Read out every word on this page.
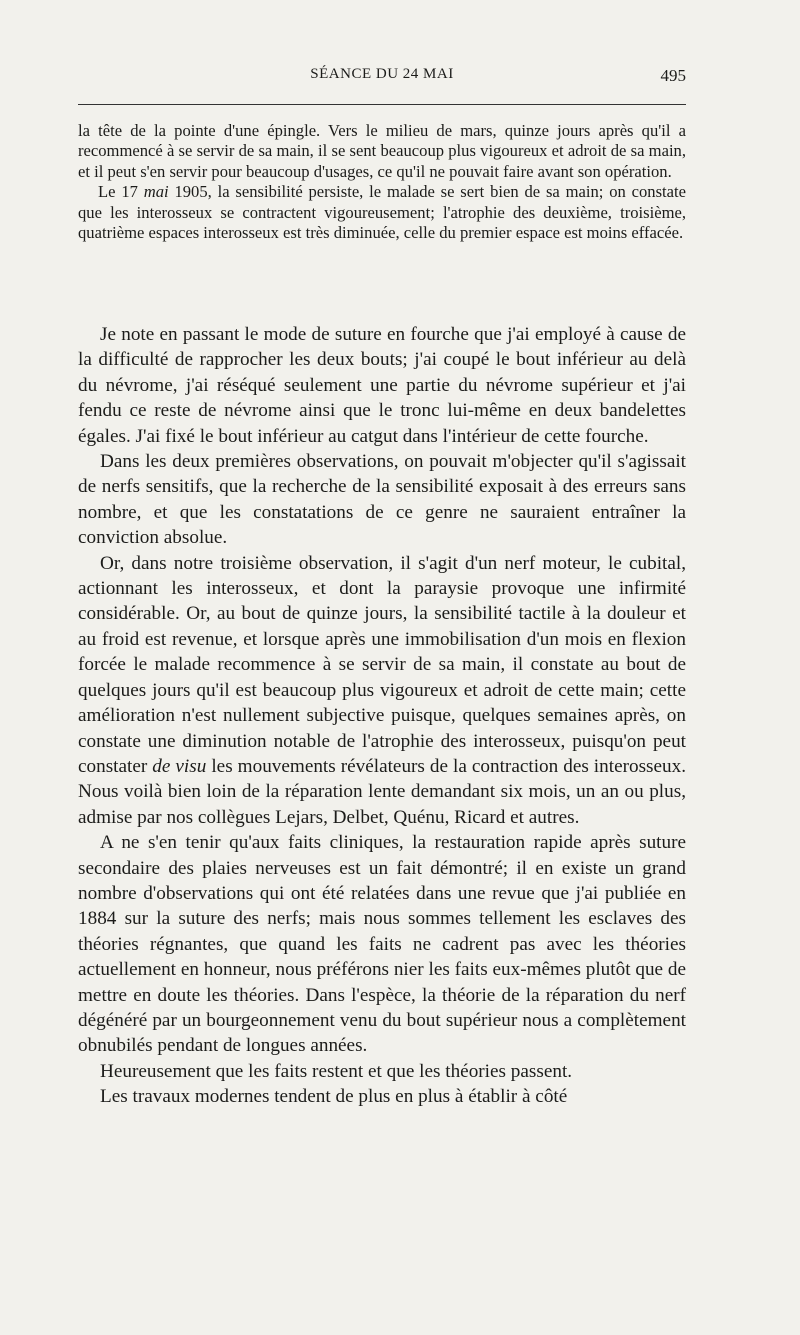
SÉANCE DU 24 MAI	495

la tête de la pointe d'une épingle. Vers le milieu de mars, quinze jours après qu'il a recommencé à se servir de sa main, il se sent beaucoup plus vigoureux et adroit de sa main, et il peut s'en servir pour beaucoup d'usages, ce qu'il ne pouvait faire avant son opération.

Le 17 mai 1905, la sensibilité persiste, le malade se sert bien de sa main; on constate que les interosseux se contractent vigoureusement; l'atrophie des deuxième, troisième, quatrième espaces interosseux est très diminuée, celle du premier espace est moins effacée.

Je note en passant le mode de suture en fourche que j'ai employé à cause de la difficulté de rapprocher les deux bouts; j'ai coupé le bout inférieur au delà du névrome, j'ai réséqué seulement une partie du névrome supérieur et j'ai fendu ce reste de névrome ainsi que le tronc lui-même en deux bandelettes égales. J'ai fixé le bout inférieur au catgut dans l'intérieur de cette fourche.

Dans les deux premières observations, on pouvait m'objecter qu'il s'agissait de nerfs sensitifs, que la recherche de la sensibilité exposait à des erreurs sans nombre, et que les constatations de ce genre ne sauraient entraîner la conviction absolue.

Or, dans notre troisième observation, il s'agit d'un nerf moteur, le cubital, actionnant les interosseux, et dont la paraysie provoque une infirmité considérable. Or, au bout de quinze jours, la sensibilité tactile à la douleur et au froid est revenue, et lorsque après une immobilisation d'un mois en flexion forcée le malade recommence à se servir de sa main, il constate au bout de quelques jours qu'il est beaucoup plus vigoureux et adroit de cette main; cette amélioration n'est nullement subjective puisque, quelques semaines après, on constate une diminution notable de l'atrophie des interosseux, puisqu'on peut constater de visu les mouvements révélateurs de la contraction des interosseux. Nous voilà bien loin de la réparation lente demandant six mois, un an ou plus, admise par nos collègues Lejars, Delbet, Quénu, Ricard et autres.

A ne s'en tenir qu'aux faits cliniques, la restauration rapide après suture secondaire des plaies nerveuses est un fait démontré; il en existe un grand nombre d'observations qui ont été relatées dans une revue que j'ai publiée en 1884 sur la suture des nerfs; mais nous sommes tellement les esclaves des théories régnantes, que quand les faits ne cadrent pas avec les théories actuellement en honneur, nous préférons nier les faits eux-mêmes plutôt que de mettre en doute les théories. Dans l'espèce, la théorie de la réparation du nerf dégénéré par un bourgeonnement venu du bout supérieur nous a complètement obnubilés pendant de longues années.

Heureusement que les faits restent et que les théories passent.

Les travaux modernes tendent de plus en plus à établir à côté
